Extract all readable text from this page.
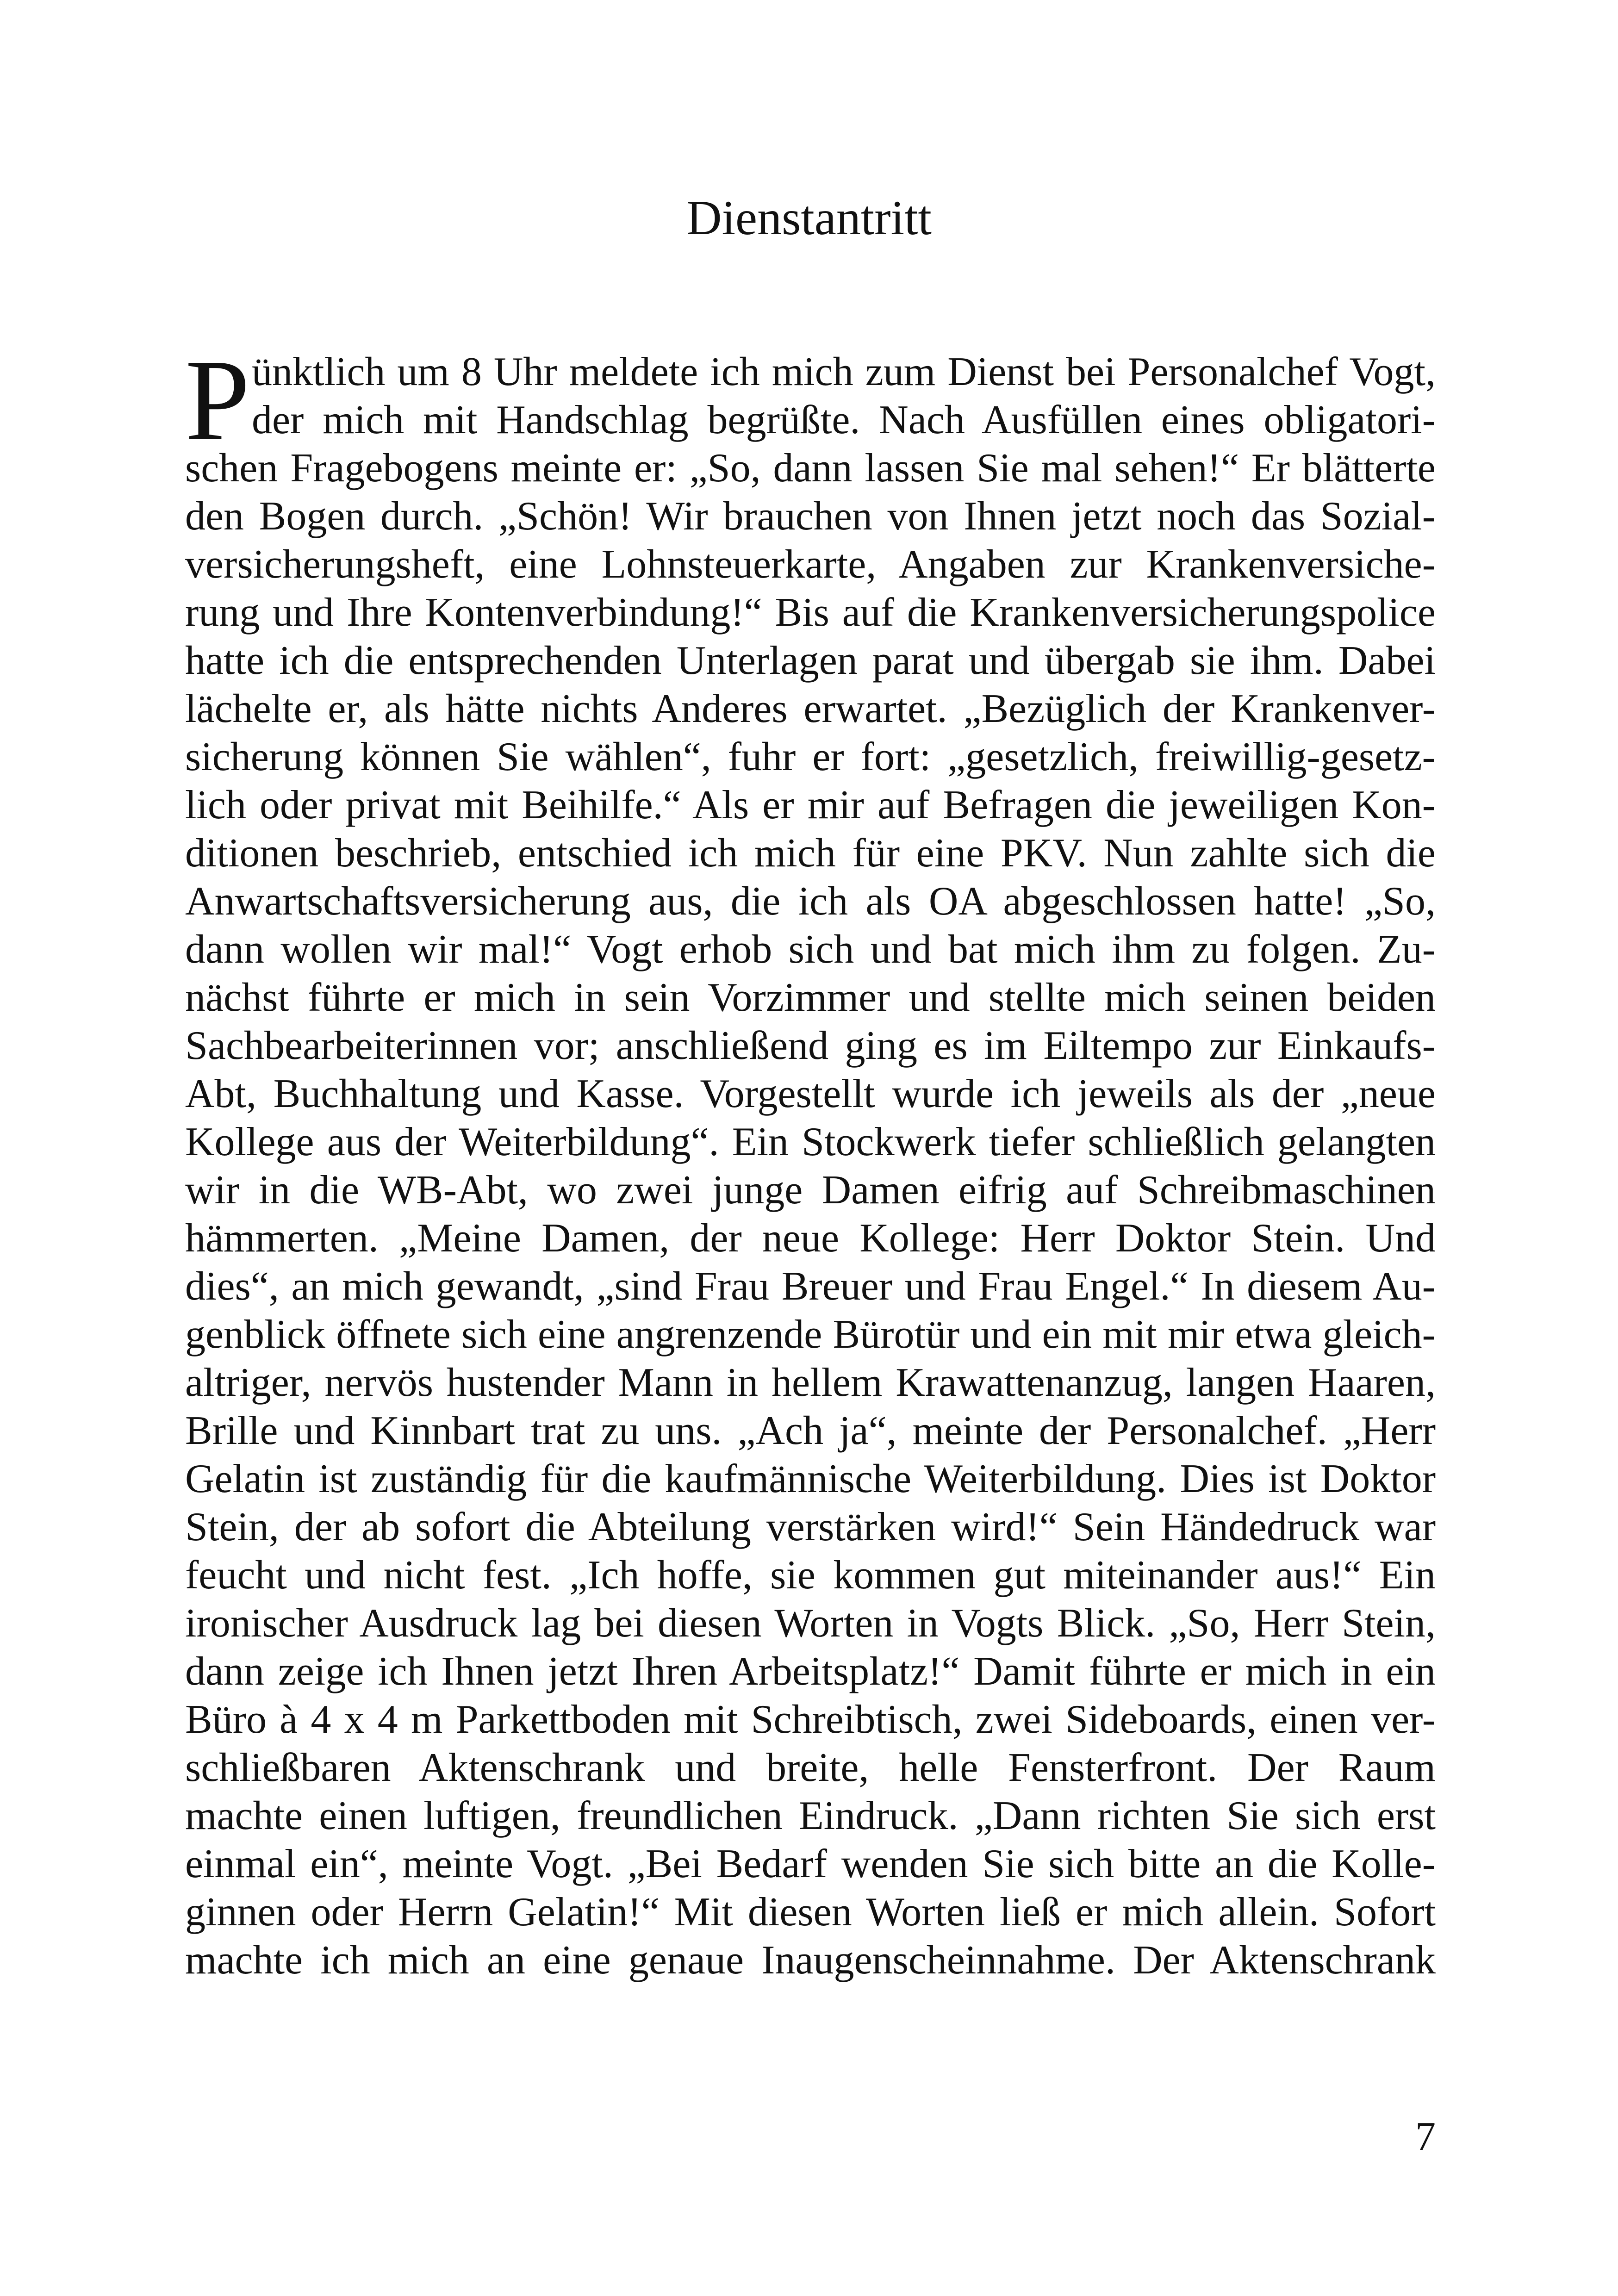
Dienstantritt
P ünktlich um 8 Uhr meldete ich mich zum Dienst bei Personalchef Vogt,
der mich mit Handschlag begrüßte. Nach Ausfüllen eines obligatori-
schen Fragebogens meinte er: „So, dann lassen Sie mal sehen!“ Er blätterte
den Bogen durch. „Schön! Wir brauchen von Ihnen jetzt noch das Sozial-
versicherungsheft, eine Lohnsteuerkarte, Angaben zur Krankenversiche-
rung und Ihre Kontenverbindung!“ Bis auf die Krankenversicherungspolice
hatte ich die entsprechenden Unterlagen parat und übergab sie ihm. Dabei
lächelte er, als hätte nichts Anderes erwartet. „Bezüglich der Krankenver-
sicherung können Sie wählen“, fuhr er fort: „gesetzlich, freiwillig-gesetz-
lich oder privat mit Beihilfe.“ Als er mir auf Befragen die jeweiligen Kon-
ditionen beschrieb, entschied ich mich für eine PKV. Nun zahlte sich die
Anwartschaftsversicherung aus, die ich als OA abgeschlossen hatte! „So,
dann wollen wir mal!“ Vogt erhob sich und bat mich ihm zu folgen. Zu-
nächst führte er mich in sein Vorzimmer und stellte mich seinen beiden
Sachbearbeiterinnen vor; anschließend ging es im Eiltempo zur Einkaufs-
Abt, Buchhaltung und Kasse. Vorgestellt wurde ich jeweils als der „neue
Kollege aus der Weiterbildung“. Ein Stockwerk tiefer schließlich gelangten
wir in die WB-Abt, wo zwei junge Damen eifrig auf Schreibmaschinen
hämmerten. „Meine Damen, der neue Kollege: Herr Doktor Stein. Und
dies“, an mich gewandt, „sind Frau Breuer und Frau Engel.“ In diesem Au-
genblick öffnete sich eine angrenzende Bürotür und ein mit mir etwa gleich-
altriger, nervös hustender Mann in hellem Krawattenanzug, langen Haaren,
Brille und Kinnbart trat zu uns. „Ach ja“, meinte der Personalchef. „Herr
Gelatin ist zuständig für die kaufmännische Weiterbildung. Dies ist Doktor
Stein, der ab sofort die Abteilung verstärken wird!“ Sein Händedruck war
feucht und nicht fest. „Ich hoffe, sie kommen gut miteinander aus!“ Ein
ironischer Ausdruck lag bei diesen Worten in Vogts Blick. „So, Herr Stein,
dann zeige ich Ihnen jetzt Ihren Arbeitsplatz!“ Damit führte er mich in ein
Büro à 4 x 4 m Parkettboden mit Schreibtisch, zwei Sideboards, einen ver-
schließbaren Aktenschrank und breite, helle Fensterfront. Der Raum
machte einen luftigen, freundlichen Eindruck. „Dann richten Sie sich erst
einmal ein“, meinte Vogt. „Bei Bedarf wenden Sie sich bitte an die Kolle-
ginnen oder Herrn Gelatin!“ Mit diesen Worten ließ er mich allein. Sofort
machte ich mich an eine genaue Inaugenscheinnahme. Der Aktenschrank
7
